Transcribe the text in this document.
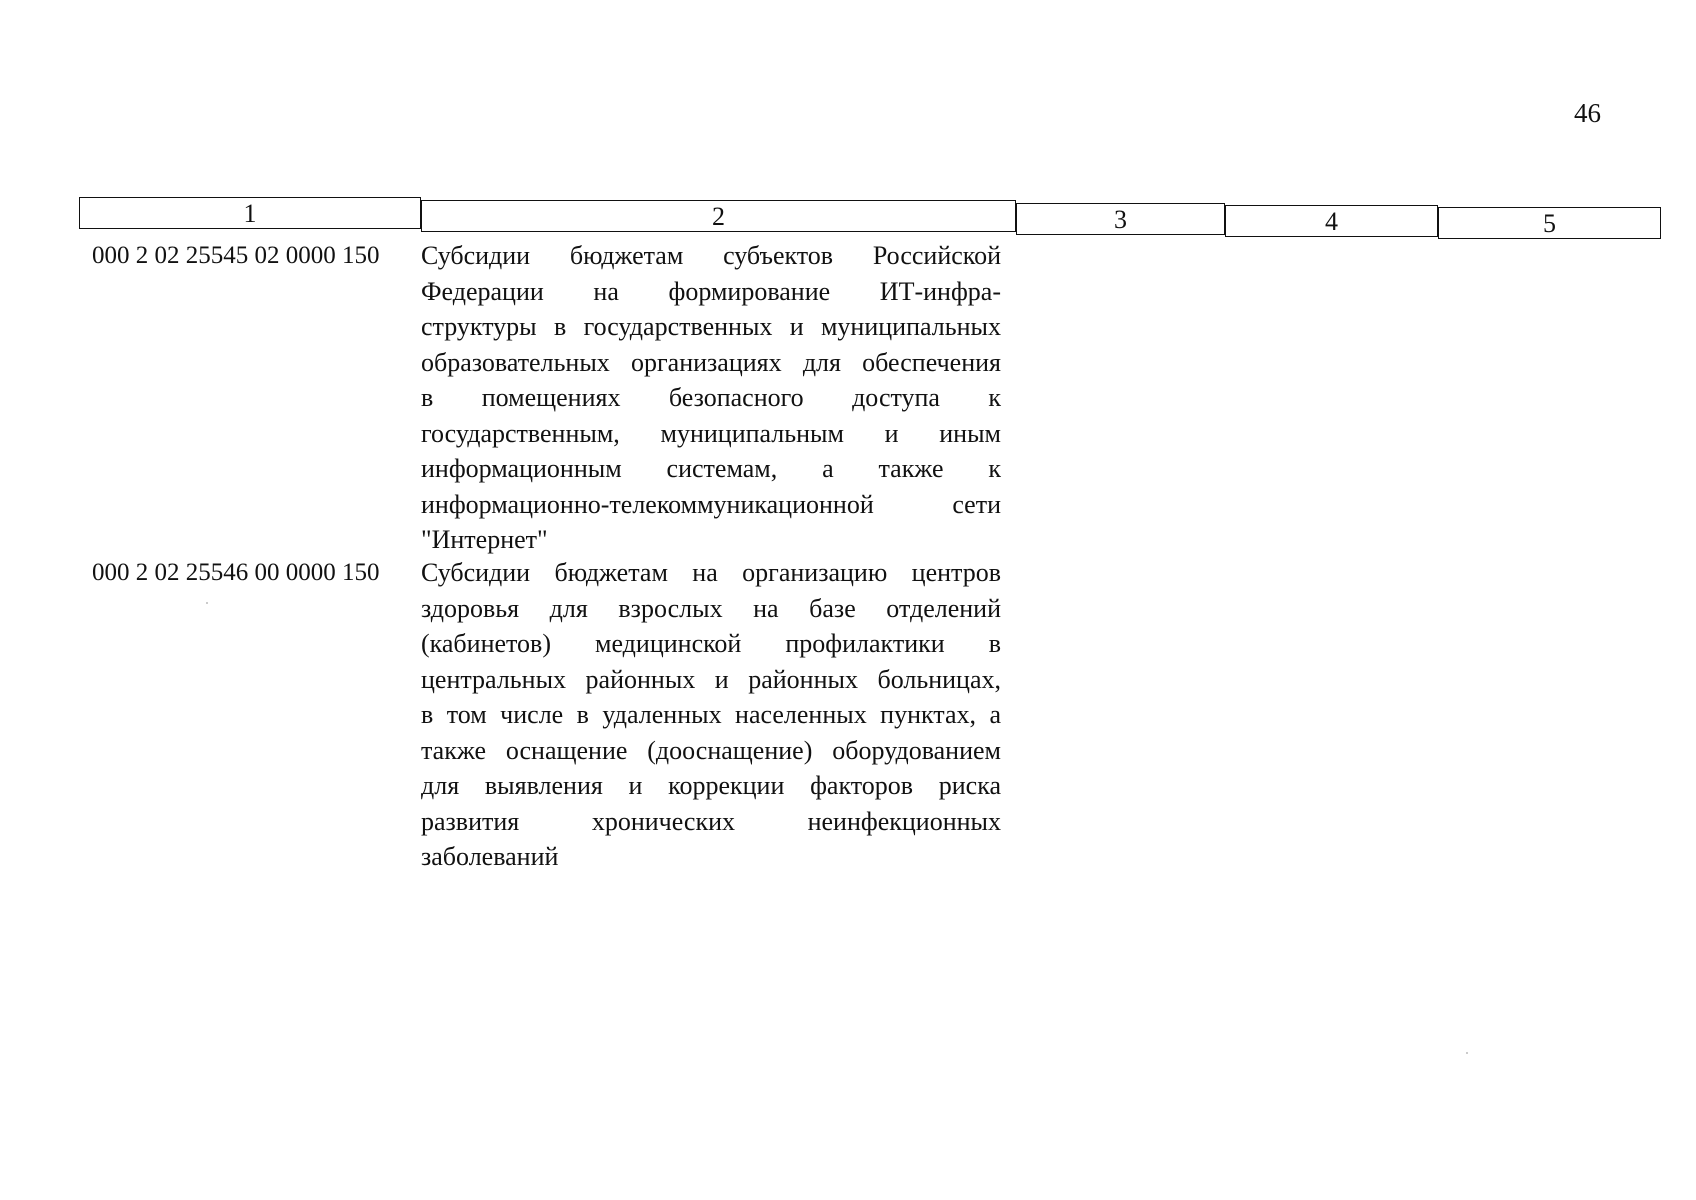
46
1	2	3	4	5
000 2 02 25545 02 0000 150	Субсидии бюджетам субъектов Российской
Федерации на формирование ИТ-инфра-
структуры в государственных и муниципальных
образовательных организациях для обеспечения
в помещениях безопасного доступа к
государственным, муниципальным и иным
информационным системам, а также к
информационно-телекоммуникационной сети
"Интернет"
000 2 02 25546 00 0000 150	Субсидии бюджетам на организацию центров
здоровья для взрослых на базе отделений
(кабинетов) медицинской профилактики в
центральных районных и районных больницах,
в том числе в удаленных населенных пунктах, а
также оснащение (дооснащение) оборудованием
для выявления и коррекции факторов риска
развития хронических неинфекционных
заболеваний
